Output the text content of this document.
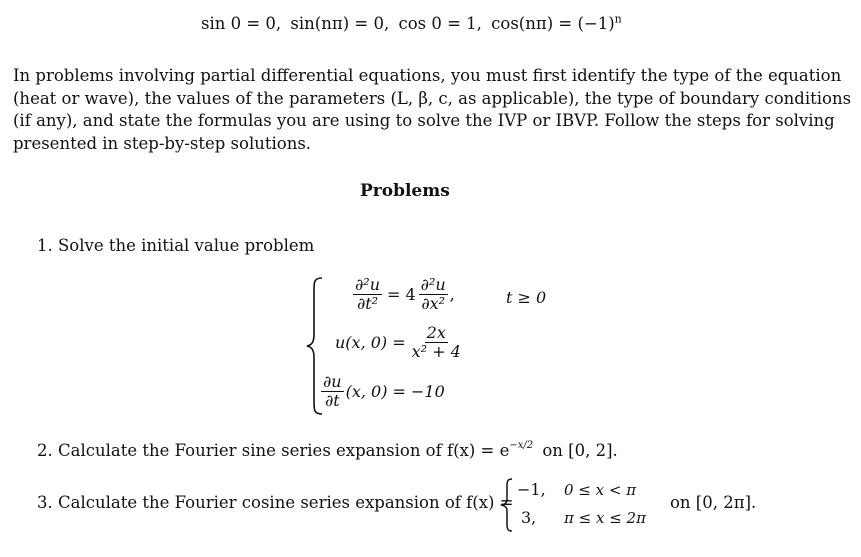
sin 0 = 0, sin(nπ) = 0, cos 0 = 1, $\cos(n\pi) = (-1)^n$
In problems involving partial differential equations, you must first identify the type of the equation
(heat or wave), the values of the parameters (L, β, c, as applicable), the type of boundary conditions
(if any), and state the formulas you are using to solve the IVP or IBVP. Follow the steps for solving
presented in step-by-step solutions.
Problems
1. Solve the initial value problem
$\frac{\text{∂²u}}{\text{∂t²}} = 4 \frac{\text{∂²u}}{\text{∂x²}}$ ,	t ≥ 0
u(x, $0) = \frac{2x}{\text{x² + 4}}$
$\frac{\partial u}{\partial t} (x$, 0) = −10
2. Calculate the Fourier sine series expansion of $f(x) = e^{-x/2}$ on [0, 2].
3. Calculate the Fourier cosine series expansion of f(x) =
−1, 0 ≤ x < π
3, π ≤ x ≤ 2π
on [0, 2π].
